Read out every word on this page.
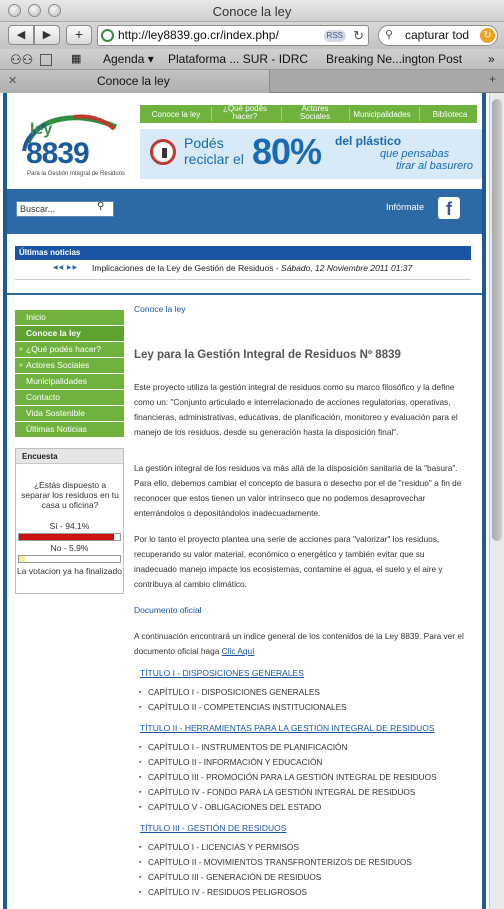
Conoce la ley
◀	▶	+	http://ley8839.go.cr/index.php/	RSS ↻ ⚲ capturar tod	↻
⚇⚇	▦ Agenda ▾ Plataforma ... SUR - IDRC Breaking Ne...ington Post »
✕	Conoce la ley	+
ley
8839
Para la Gestión Integral de Residuos
Conoce la ley
¿Qué podés hacer?
Actores Sociales	Municipalidades	Biblioteca
Podés
reciclar el 80% del plástico
que pensabas
tirar al basurero
Buscar...	⚲	Infórmate	f
Últimas noticias
◀◀ ▶▶ Implicaciones de la Ley de Gestión de Residuos - Sábado, 12 Noviembre 2011 01:37
Inicio
Conoce la ley
» ¿Qué podés hacer?
» Actores Sociales
Municipalidades
Contacto
Vida Sostenible
Últimas Noticias
Encuesta
¿Estás dispuesto a separar los residuos en tu casa u oficina?
Sí - 94.1%
No - 5.9%
La votacion ya ha finalizado
Conoce la ley
Ley para la Gestión Integral de Residuos Nº 8839
Este proyecto utiliza la gestión integral de residuos como su marco filosófico y la define como un: "Conjunto articulado e interrelacionado de acciones regulatorias, operativas, financieras, administrativas, educativas, de planificación, monitoreo y evaluación para el manejo de los residuos, desde su generación hasta la disposición final".
La gestión integral de los residuos va más allá de la disposición sanitaria de la "basura". Para ello, debemos cambiar el concepto de basura o desecho por el de "residuo" a fin de reconocer que estos tienen un valor intrínseco que no podemos desaprovechar enterrándolos o depositándolos inadecuadamente.
Por lo tanto el proyecto plantea una serie de acciones para "valorizar" los residuos, recuperando su valor material, económico o energético y también evitar que su inadecuado manejo impacte los ecosistemas, contamine el agua, el suelo y el aire y contribuya al cambio climático.
Documento oficial
A continuación encontrará un indice general de los contenidos de la Ley 8839. Para ver el documento oficial haga Clic Aquí
TÍTULO I - DISPOSICIONES GENERALES
▪ CAPÍTULO I - DISPOSICIONES GENERALES
▪ CAPÍTULO II - COMPETENCIAS INSTITUCIONALES
TÍTULO II - HERRAMIENTAS PARA LA GESTIÓN INTEGRAL DE RESIDUOS
▪ CAPÍTULO I - INSTRUMENTOS DE PLANIFICACIÓN
▪ CAPÍTULO II - INFORMACIÓN Y EDUCACIÓN
▪ CAPÍTULO III - PROMOCIÓN PARA LA GESTIÓN INTEGRAL DE RESIDUOS
▪ CAPÍTULO IV - FONDO PARA LA GESTIÓN INTEGRAL DE RESIDUOS
▪ CAPÍTULO V - OBLIGACIONES DEL ESTADO
TÍTULO III - GESTIÓN DE RESIDUOS
▪ CAPÍTULO I - LICENCIAS Y PERMISOS
▪ CAPÍTULO II - MOVIMIENTOS TRANSFRONTERIZOS DE RESIDUOS
▪ CAPÍTULO III - GENERACIÓN DE RESIDUOS
▪ CAPÍTULO IV - RESIDUOS PELIGROSOS
